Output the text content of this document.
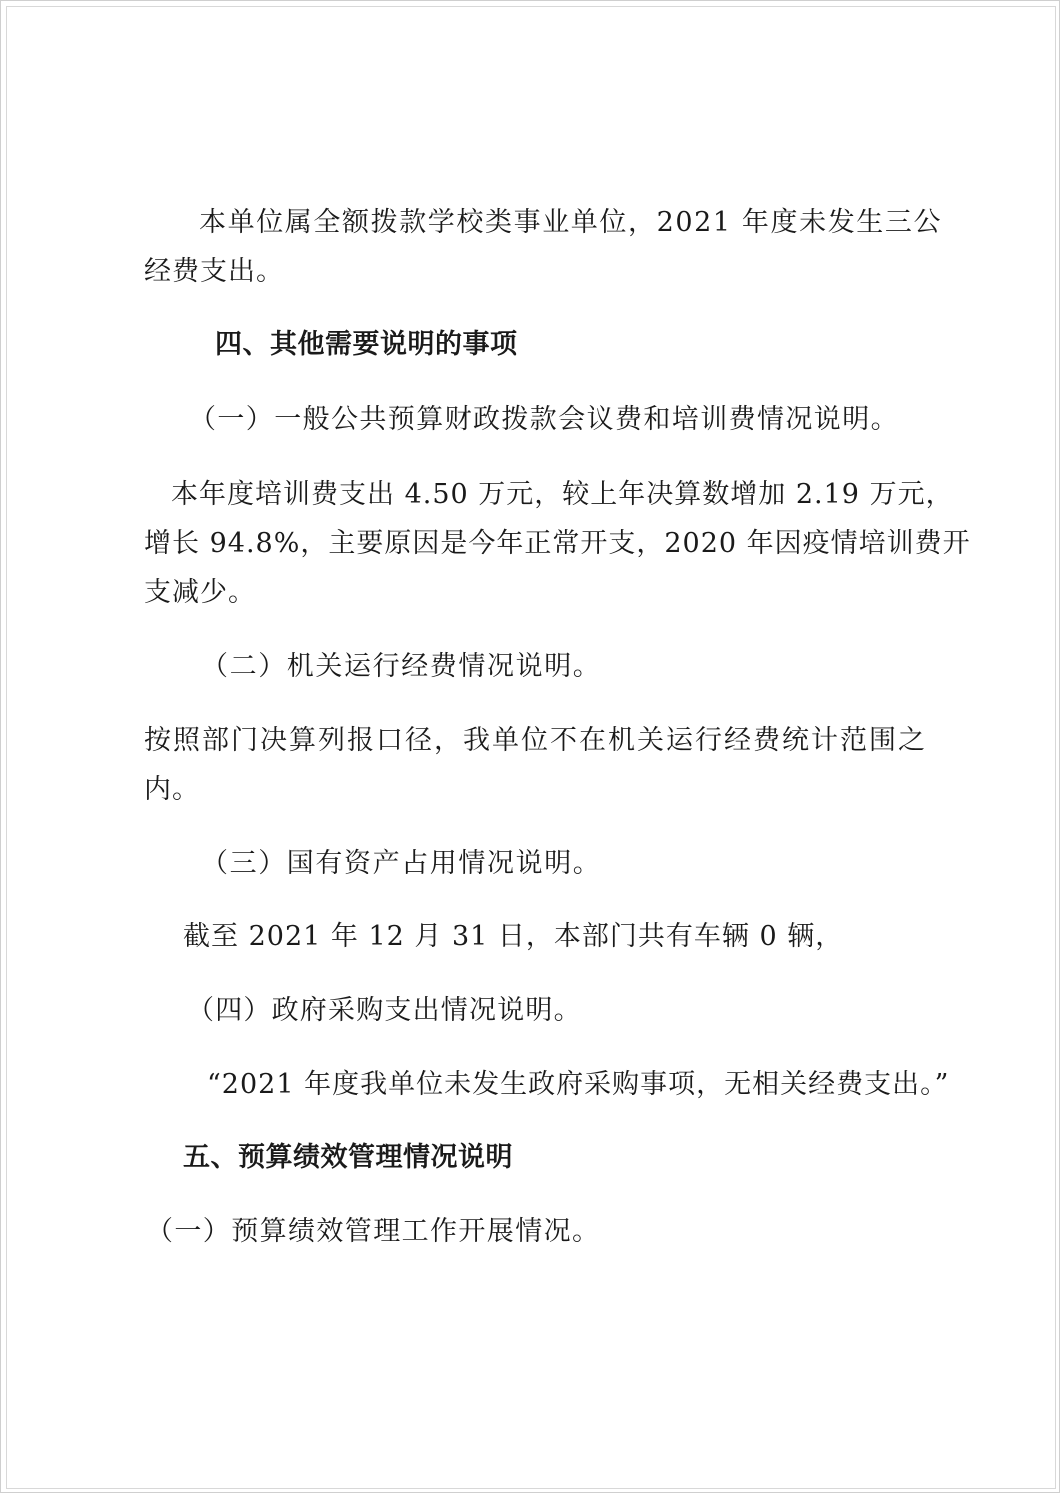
本单位属全额拨款学校类事业单位，2021 年度未发生三公
经费支出。
四、其他需要说明的事项
（一）一般公共预算财政拨款会议费和培训费情况说明。
本年度培训费支出 4.50 万元，较上年决算数增加 2.19 万元，
增长 94.8%，主要原因是今年正常开支，2020 年因疫情培训费开
支减少。
（二）机关运行经费情况说明。
按照部门决算列报口径，我单位不在机关运行经费统计范围之
内。
（三）国有资产占用情况说明。
截至 2021 年 12 月 31 日，本部门共有车辆 0 辆，
（四）政府采购支出情况说明。
“2021 年度我单位未发生政府采购事项，无相关经费支出。”
五、预算绩效管理情况说明
（一）预算绩效管理工作开展情况。
